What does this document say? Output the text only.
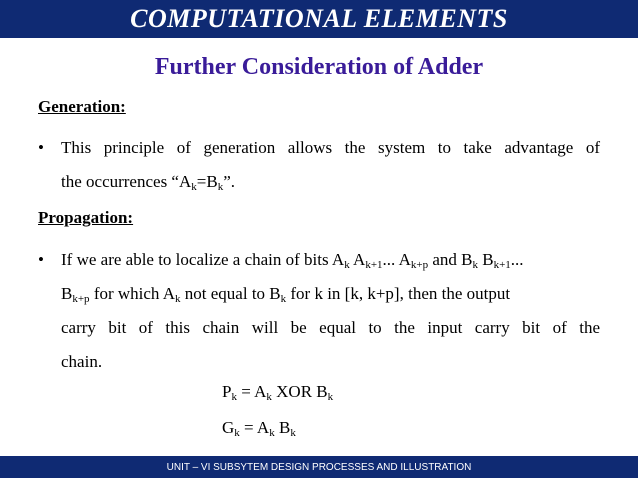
COMPUTATIONAL ELEMENTS
Further Consideration of Adder
Generation:
• This principle of generation allows the system to take advantage of
the occurrences “$A_k=B_k$”.
Propagation:
• If we are able to localize a chain of bits $A_k$ $A_{k+1}$... $A_{k+p}$ and $B_k$ $B_{k+1}$...
$B_{k+p}$ for which $A_k$ not equal to $B_k$ for k in [k, k+p], then the output
carry bit of this chain will be equal to the input carry bit of the
chain.
$P_k = A_k$ XOR $B_k$
$G_k = A_k$ $B_k$
UNIT – VI SUBSYTEM DESIGN PROCESSES AND ILLUSTRATION
